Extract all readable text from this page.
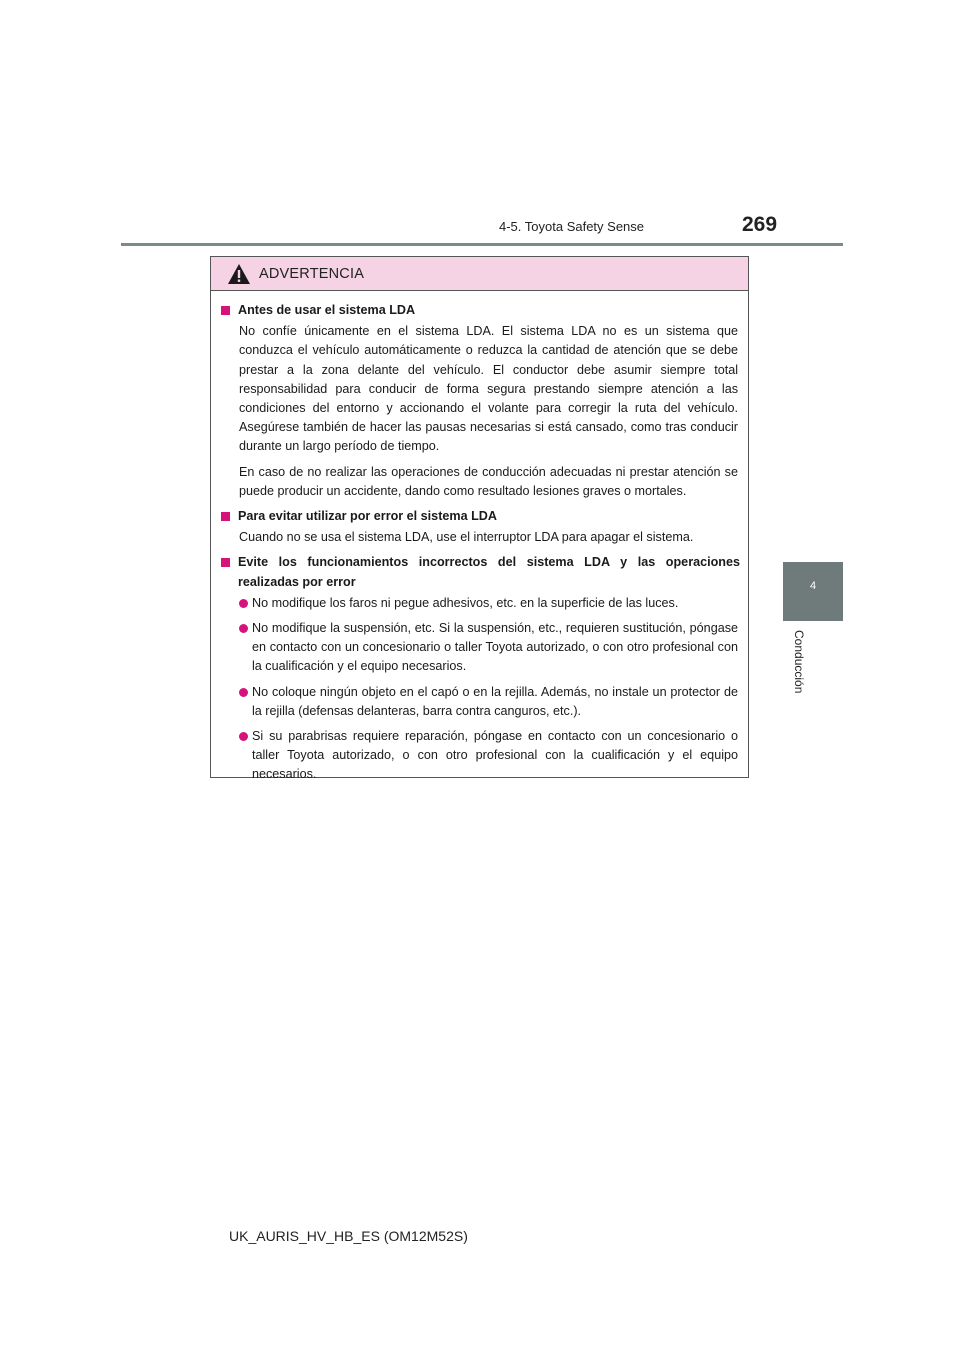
4-5. Toyota Safety Sense	269
4
Conducción
ADVERTENCIA
Antes de usar el sistema LDA
No confíe únicamente en el sistema LDA. El sistema LDA no es un sistema que conduzca el vehículo automáticamente o reduzca la cantidad de atención que se debe prestar a la zona delante del vehículo. El conductor debe asumir siempre total responsabilidad para conducir de forma segura prestando siempre atención a las condiciones del entorno y accionando el volante para corregir la ruta del vehículo. Asegúrese también de hacer las pausas necesarias si está cansado, como tras conducir durante un largo período de tiempo.
En caso de no realizar las operaciones de conducción adecuadas ni prestar atención se puede producir un accidente, dando como resultado lesiones graves o mortales.
Para evitar utilizar por error el sistema LDA
Cuando no se usa el sistema LDA, use el interruptor LDA para apagar el sistema.
Evite los funcionamientos incorrectos del sistema LDA y las operaciones realizadas por error
No modifique los faros ni pegue adhesivos, etc. en la superficie de las luces.
No modifique la suspensión, etc. Si la suspensión, etc., requieren sustitución, póngase en contacto con un concesionario o taller Toyota autorizado, o con otro profesional con la cualificación y el equipo necesarios.
No coloque ningún objeto en el capó o en la rejilla. Además, no instale un protector de la rejilla (defensas delanteras, barra contra canguros, etc.).
Si su parabrisas requiere reparación, póngase en contacto con un concesionario o taller Toyota autorizado, o con otro profesional con la cualificación y el equipo necesarios.
UK_AURIS_HV_HB_ES (OM12M52S)
